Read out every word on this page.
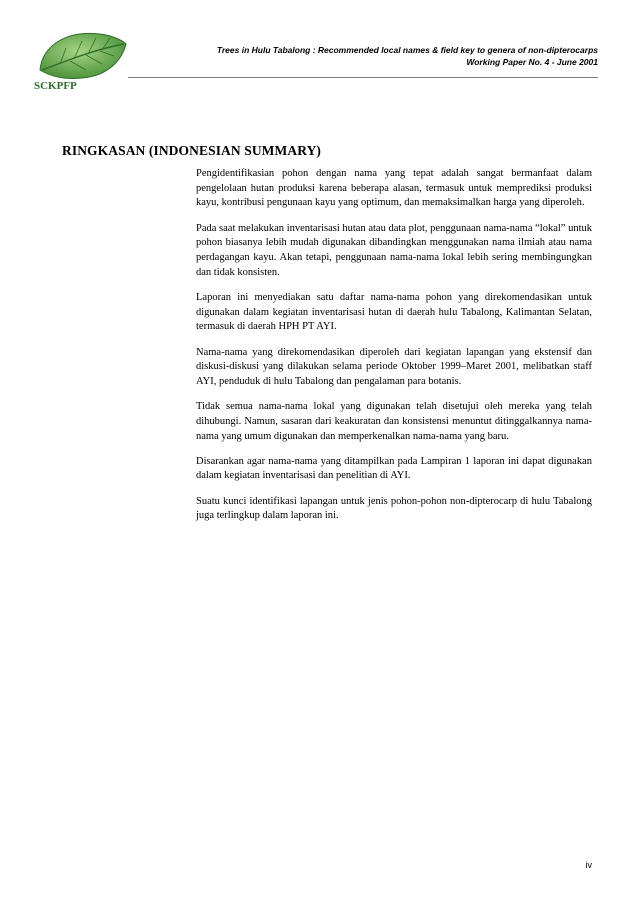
SCKPFP
Trees in Hulu Tabalong : Recommended local names & field key to genera of non-dipterocarps
Working Paper No. 4 - June 2001
RINGKASAN (INDONESIAN SUMMARY)

Pengidentifikasian pohon dengan nama yang tepat adalah sangat bermanfaat dalam pengelolaan hutan produksi karena beberapa alasan, termasuk untuk memprediksi produksi kayu, kontribusi pengunaan kayu yang optimum, dan memaksimalkan harga yang diperoleh.

Pada saat melakukan inventarisasi hutan atau data plot, penggunaan nama-nama “lokal” untuk pohon biasanya lebih mudah digunakan dibandingkan menggunakan nama ilmiah atau nama perdagangan kayu. Akan tetapi, penggunaan nama-nama lokal lebih sering membingungkan dan tidak konsisten.

Laporan ini menyediakan satu daftar nama-nama pohon yang direkomendasikan untuk digunakan dalam kegiatan inventarisasi hutan di daerah hulu Tabalong, Kalimantan Selatan, termasuk di daerah HPH PT AYI.

Nama-nama yang direkomendasikan diperoleh dari kegiatan lapangan yang ekstensif dan diskusi-diskusi yang dilakukan selama periode Oktober 1999–Maret 2001, melibatkan staff AYI, penduduk di hulu Tabalong dan pengalaman para botanis.

Tidak semua nama-nama lokal yang digunakan telah disetujui oleh mereka yang telah dihubungi. Namun, sasaran dari keakuratan dan konsistensi menuntut ditinggalkannya nama-nama yang umum digunakan dan memperkenalkan nama-nama yang baru.

Disarankan agar nama-nama yang ditampilkan pada Lampiran 1 laporan ini dapat digunakan dalam kegiatan inventarisasi dan penelitian di AYI.

Suatu kunci identifikasi lapangan untuk jenis pohon-pohon non-dipterocarp di hulu Tabalong juga terlingkup dalam laporan ini.

iv
